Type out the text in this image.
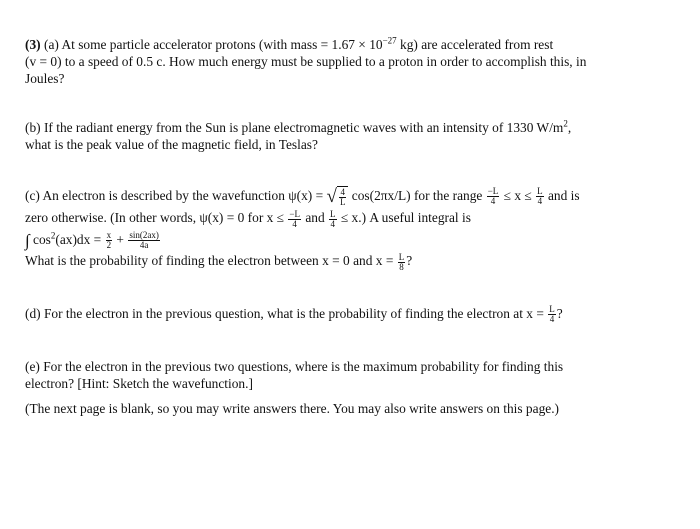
(3) (a) At some particle accelerator protons (with mass = $1.67 \times 10^{-27}$ kg) are accelerated from rest
(v = 0) to a speed of 0.5 c. How much energy must be supplied to a proton in order to accomplish this, in
Joules?
(b) If the radiant energy from the Sun is plane electromagnetic waves with an intensity of 1330 $W/m^2$,
what is the peak value of the magnetic field, in Teslas?
(c) An electron is described by the wavefunction ψ(x) = √ $\frac{4}{L} \cos(2\pi x/L)$ for the range $\frac{-L}{4} \le x \le \frac{L}{4}$ and is
zero otherwise. (In other words, ψ(x) = 0 for $x \le \frac{-L}{4}$ and $\frac{L}{4} \le x$.) A useful integral is
∫ $\cos^2(ax)dx = \frac{x}{2} + \frac{\sin(2ax)}{4a}$
What is the probability of finding the electron between x = 0 and $x = \frac{L}{8}$ ?
(d) For the electron in the previous question, what is the probability of finding the electron at $x = \frac{L}{4}$ ?
(e) For the electron in the previous two questions, where is the maximum probability for finding this
electron? [Hint: Sketch the wavefunction.]
(The next page is blank, so you may write answers there. You may also write answers on this page.)
